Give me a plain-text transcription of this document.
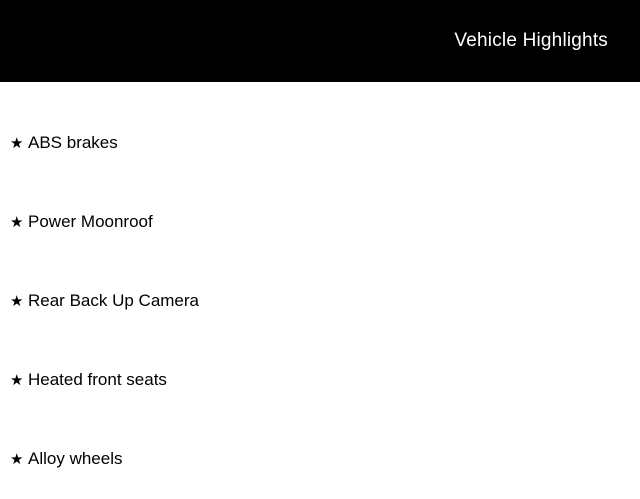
Vehicle Highlights
★ ABS brakes
★ Power Moonroof
★ Rear Back Up Camera
★ Heated front seats
★ Alloy wheels
